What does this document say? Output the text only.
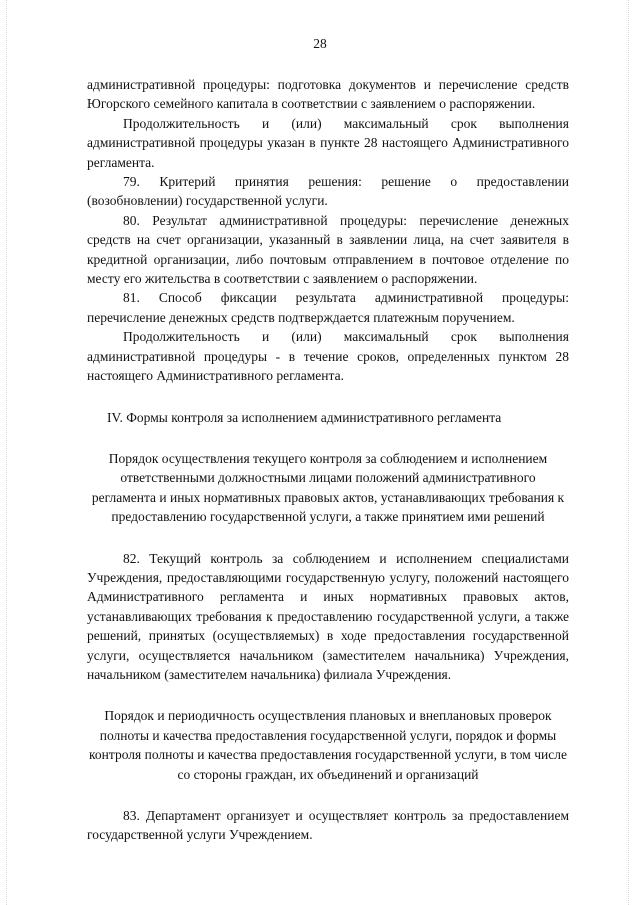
28

административной процедуры: подготовка документов и перечисление средств Югорского семейного капитала в соответствии с заявлением о распоряжении.

Продолжительность и (или) максимальный срок выполнения административной процедуры указан в пункте 28 настоящего Административного регламента.

79. Критерий принятия решения: решение о предоставлении (возобновлении) государственной услуги.

80. Результат административной процедуры: перечисление денежных средств на счет организации, указанный в заявлении лица, на счет заявителя в кредитной организации, либо почтовым отправлением в почтовое отделение по месту его жительства в соответствии с заявлением о распоряжении.

81. Способ фиксации результата административной процедуры: перечисление денежных средств подтверждается платежным поручением.

Продолжительность и (или) максимальный срок выполнения административной процедуры - в течение сроков, определенных пунктом 28 настоящего Административного регламента.

IV. Формы контроля за исполнением административного регламента

Порядок осуществления текущего контроля за соблюдением и исполнением ответственными должностными лицами положений административного регламента и иных нормативных правовых актов, устанавливающих требования к предоставлению государственной услуги, а также принятием ими решений

82. Текущий контроль за соблюдением и исполнением специалистами Учреждения, предоставляющими государственную услугу, положений настоящего Административного регламента и иных нормативных правовых актов, устанавливающих требования к предоставлению государственной услуги, а также решений, принятых (осуществляемых) в ходе предоставления государственной услуги, осуществляется начальником (заместителем начальника) Учреждения, начальником (заместителем начальника) филиала Учреждения.

Порядок и периодичность осуществления плановых и внеплановых проверок полноты и качества предоставления государственной услуги, порядок и формы контроля полноты и качества предоставления государственной услуги, в том числе со стороны граждан, их объединений и организаций

83. Департамент организует и осуществляет контроль за предоставлением государственной услуги Учреждением.
